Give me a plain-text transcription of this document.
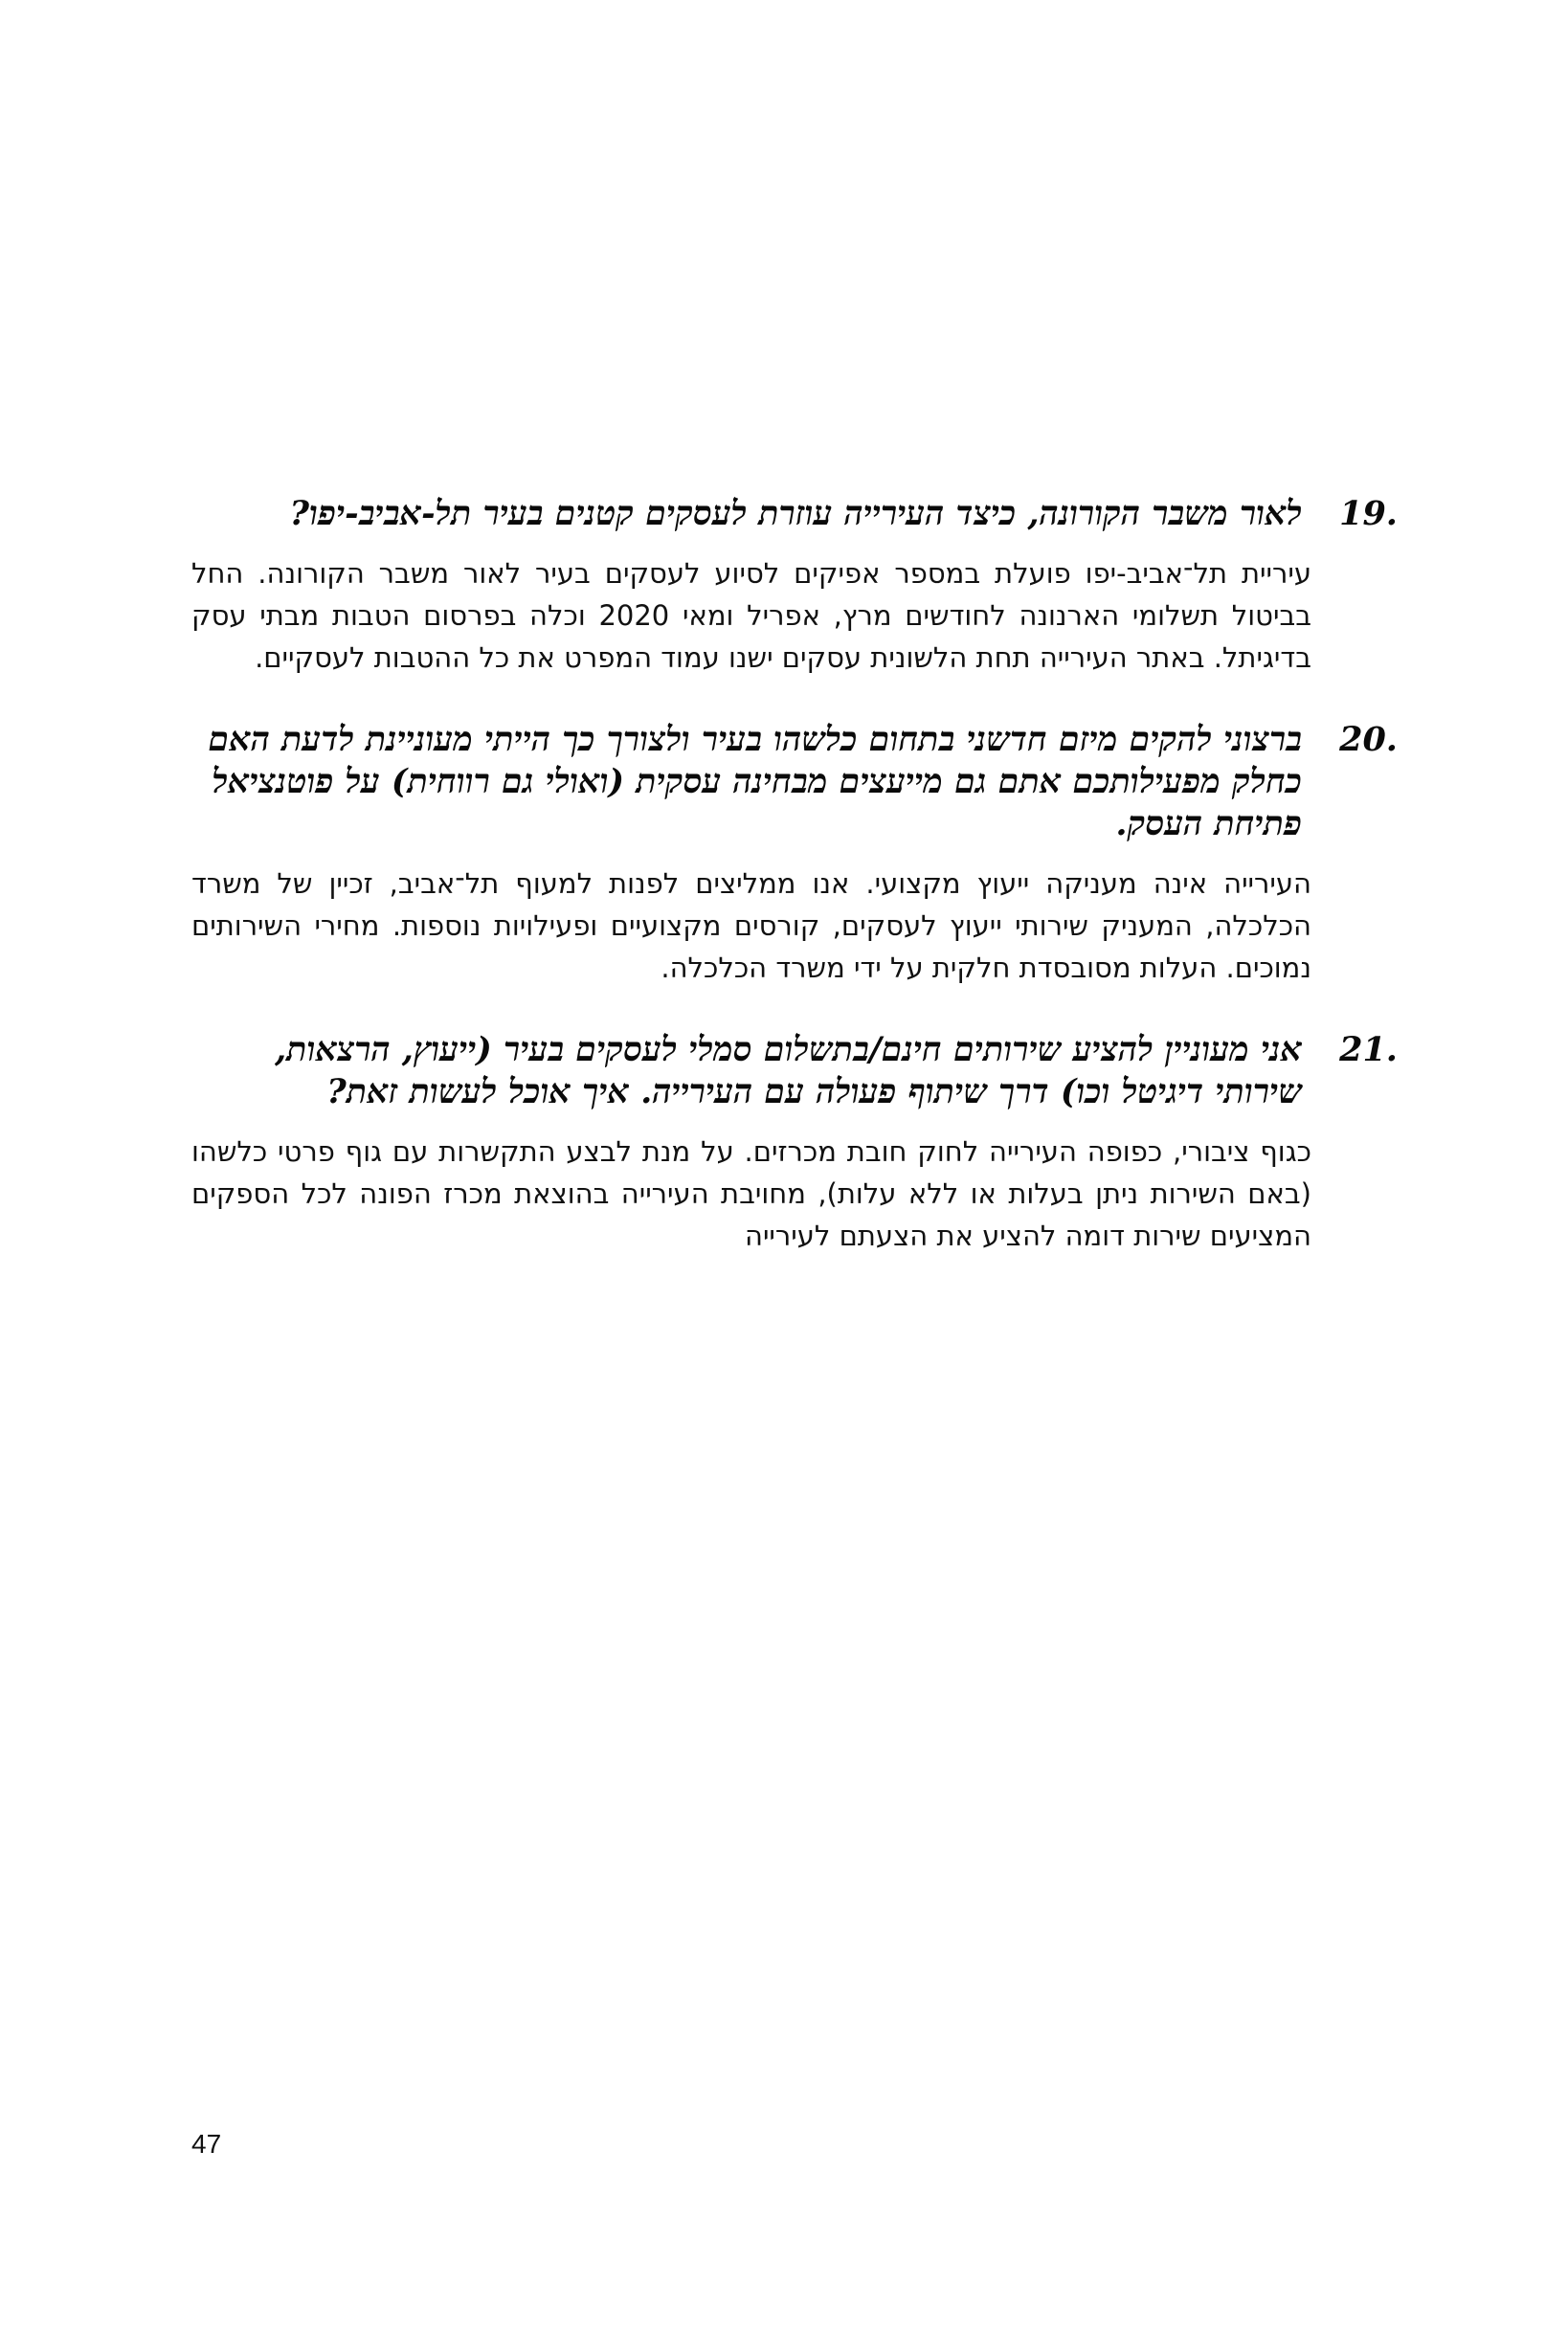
19.
לאור משבר הקורונה, כיצד העירייה עוזרת לעסקים קטנים בעיר תל-אביב-יפו?

עיריית תל־אביב-יפו פועלת במספר אפיקים לסיוע לעסקים בעיר לאור משבר הקורונה. החל בביטול תשלומי הארנונה לחודשים מרץ, אפריל ומאי 2020 וכלה בפרסום הטבות מבתי עסק בדיגיתל. באתר העירייה תחת הלשונית עסקים ישנו עמוד המפרט את כל ההטבות לעסקיים.

20.
ברצוני להקים מיזם חדשני בתחום כלשהו בעיר ולצורך כך הייתי מעוניינת לדעת האם כחלק מפעילותכם אתם גם מייעצים מבחינה עסקית (ואולי גם רווחית) על פוטנציאל פתיחת העסק.

העירייה אינה מעניקה ייעוץ מקצועי. אנו ממליצים לפנות למעוף תל־אביב, זכיין של משרד הכלכלה, המעניק שירותי ייעוץ לעסקים, קורסים מקצועיים ופעילויות נוספות. מחירי השירותים נמוכים. העלות מסובסדת חלקית על ידי משרד הכלכלה.

21.
אני מעוניין להציע שירותים חינם/בתשלום סמלי לעסקים בעיר (ייעוץ, הרצאות, שירותי דיגיטל וכו) דרך שיתוף פעולה עם העירייה. איך אוכל לעשות זאת?

כגוף ציבורי, כפופה העירייה לחוק חובת מכרזים. על מנת לבצע התקשרות עם גוף פרטי כלשהו (באם השירות ניתן בעלות או ללא עלות), מחויבת העירייה בהוצאת מכרז הפונה לכל הספקים המציעים שירות דומה להציע את הצעתם לעירייה

47
